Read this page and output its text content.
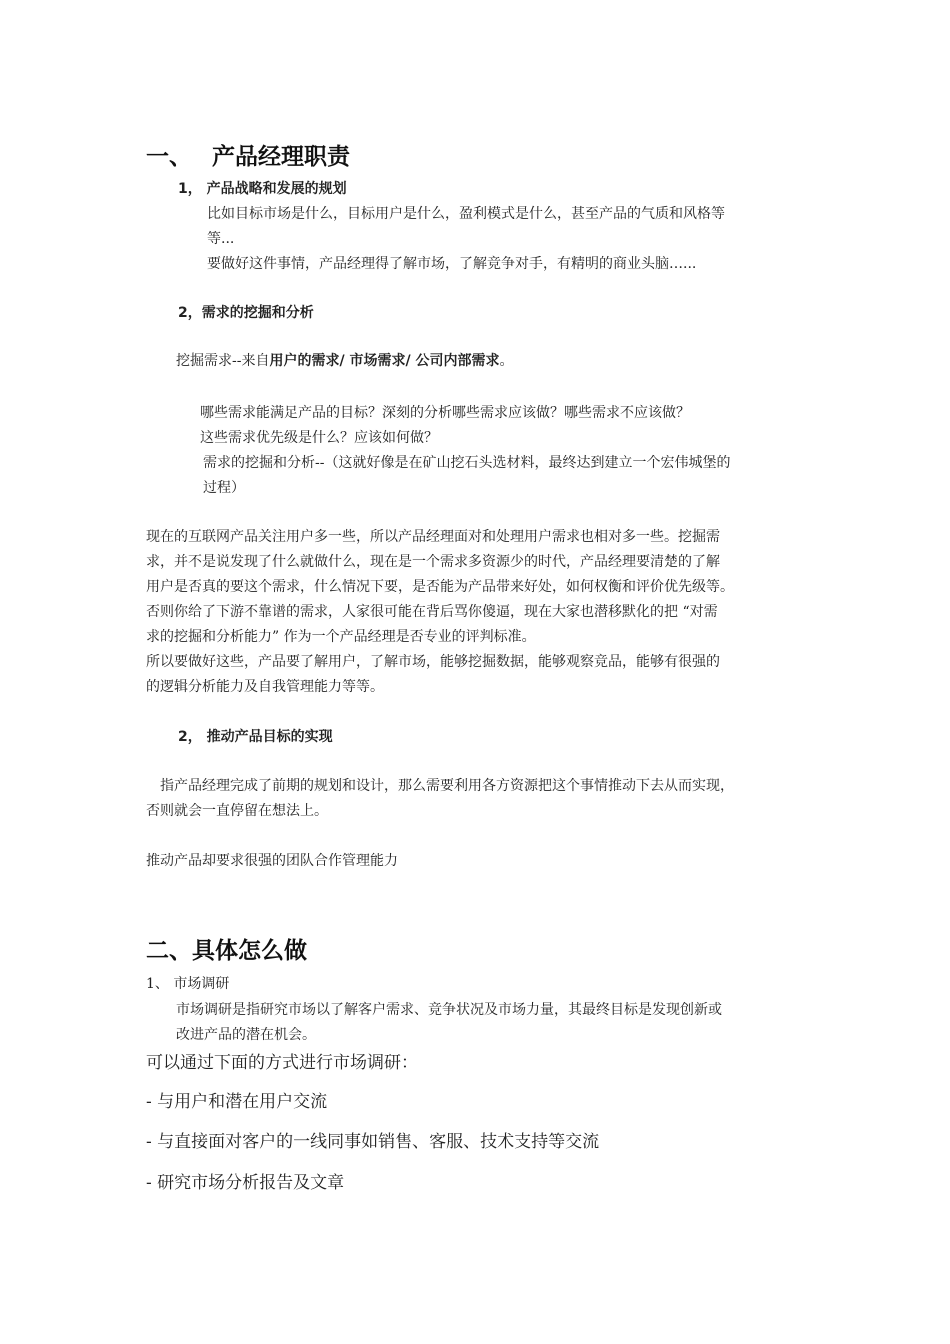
一、 产品经理职责
1， 产品战略和发展的规划
比如目标市场是什么，目标用户是什么，盈利模式是什么，甚至产品的气质和风格等
等...
要做好这件事情，产品经理得了解市场，了解竞争对手，有精明的商业头脑…...
2，需求的挖掘和分析
挖掘需求--来自用户的需求/ 市场需求/ 公司内部需求。
哪些需求能满足产品的目标？深刻的分析哪些需求应该做？哪些需求不应该做？
这些需求优先级是什么？应该如何做？
需求的挖掘和分析--（这就好像是在矿山挖石头选材料，最终达到建立一个宏伟城堡的
过程）
现在的互联网产品关注用户多一些，所以产品经理面对和处理用户需求也相对多一些。挖掘需
求，并不是说发现了什么就做什么，现在是一个需求多资源少的时代，产品经理要清楚的了解
用户是否真的要这个需求，什么情况下要，是否能为产品带来好处，如何权衡和评价优先级等。
否则你给了下游不靠谱的需求，人家很可能在背后骂你傻逼，现在大家也潜移默化的把 “对需
求的挖掘和分析能力” 作为一个产品经理是否专业的评判标准。
所以要做好这些，产品要了解用户，了解市场，能够挖掘数据，能够观察竞品，能够有很强的
的逻辑分析能力及自我管理能力等等。
2， 推动产品目标的实现
指产品经理完成了前期的规划和设计，那么需要利用各方资源把这个事情推动下去从而实现，
否则就会一直停留在想法上。
推动产品却要求很强的团队合作管理能力
二、具体怎么做
1、 市场调研
市场调研是指研究市场以了解客户需求、竞争状况及市场力量，其最终目标是发现创新或
改进产品的潜在机会。
可以通过下面的方式进行市场调研：
- 与用户和潜在用户交流
- 与直接面对客户的一线同事如销售、客服、技术支持等交流
- 研究市场分析报告及文章
